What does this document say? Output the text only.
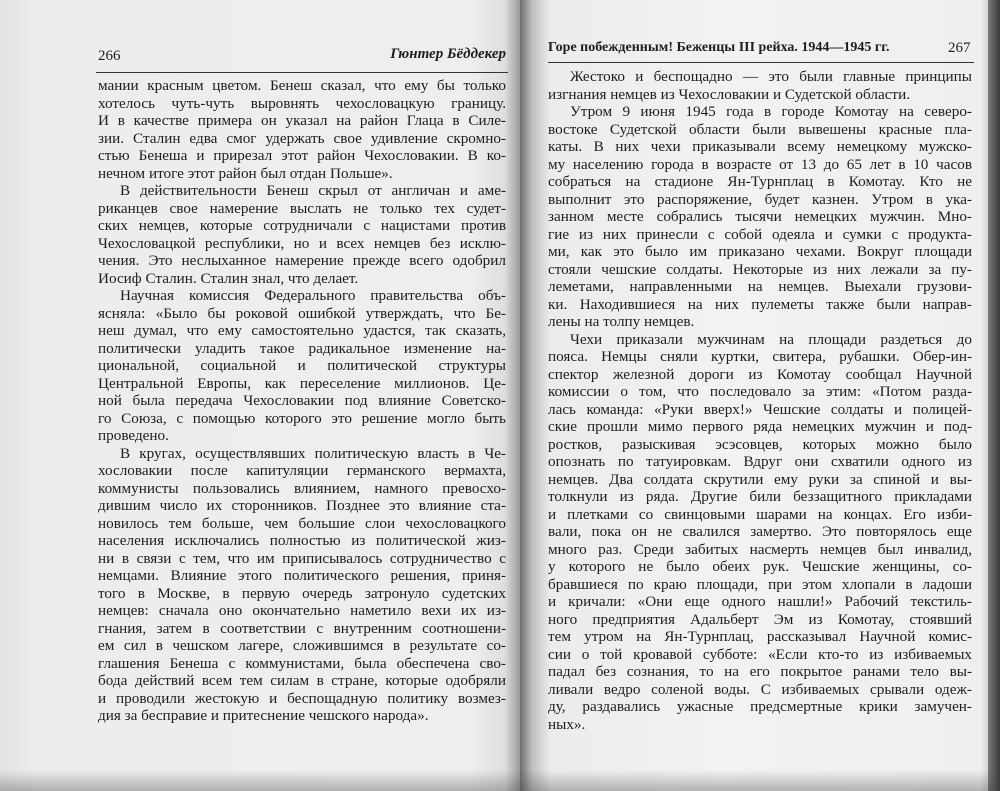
266	Гюнтер Бёддекер
мании красным цветом. Бенеш сказал, что ему бы только
хотелось чуть-чуть выровнять чехословацкую границу.
И в качестве примера он указал на район Глаца в Силе-
зии. Сталин едва смог удержать свое удивление скромно-
стью Бенеша и прирезал этот район Чехословакии. В ко-
нечном итоге этот район был отдан Польше».
В действительности Бенеш скрыл от англичан и аме-
риканцев свое намерение выслать не только тех судет-
ских немцев, которые сотрудничали с нацистами против
Чехословацкой республики, но и всех немцев без исклю-
чения. Это неслыханное намерение прежде всего одобрил
Иосиф Сталин. Сталин знал, что делает.
Научная комиссия Федерального правительства объ-
ясняла: «Было бы роковой ошибкой утверждать, что Бе-
неш думал, что ему самостоятельно удастся, так сказать,
политически уладить такое радикальное изменение на-
циональной, социальной и политической структуры
Центральной Европы, как переселение миллионов. Це-
ной была передача Чехословакии под влияние Советско-
го Союза, с помощью которого это решение могло быть
проведено.
В кругах, осуществлявших политическую власть в Че-
хословакии после капитуляции германского вермахта,
коммунисты пользовались влиянием, намного превосхо-
дившим число их сторонников. Позднее это влияние ста-
новилось тем больше, чем большие слои чехословацкого
населения исключались полностью из политической жиз-
ни в связи с тем, что им приписывалось сотрудничество с
немцами. Влияние этого политического решения, приня-
того в Москве, в первую очередь затронуло судетских
немцев: сначала оно окончательно наметило вехи их из-
гнания, затем в соответствии с внутренним соотношени-
ем сил в чешском лагере, сложившимся в результате со-
глашения Бенеша с коммунистами, была обеспечена сво-
бода действий всем тем силам в стране, которые одобряли
и проводили жестокую и беспощадную политику возмез-
дия за бесправие и притеснение чешского народа».
Горе побежденным! Беженцы III рейха. 1944—1945 гг.	267
Жестоко и беспощадно — это были главные принципы
изгнания немцев из Чехословакии и Судетской области.
Утром 9 июня 1945 года в городе Комотау на северо-
востоке Судетской области были вывешены красные пла-
каты. В них чехи приказывали всему немецкому мужско-
му населению города в возрасте от 13 до 65 лет в 10 часов
собраться на стадионе Ян-Турнплац в Комотау. Кто не
выполнит это распоряжение, будет казнен. Утром в ука-
занном месте собрались тысячи немецких мужчин. Мно-
гие из них принесли с собой одеяла и сумки с продукта-
ми, как это было им приказано чехами. Вокруг площади
стояли чешские солдаты. Некоторые из них лежали за пу-
леметами, направленными на немцев. Выехали грузови-
ки. Находившиеся на них пулеметы также были направ-
лены на толпу немцев.
Чехи приказали мужчинам на площади раздеться до
пояса. Немцы сняли куртки, свитера, рубашки. Обер-ин-
спектор железной дороги из Комотау сообщал Научной
комиссии о том, что последовало за этим: «Потом разда-
лась команда: «Руки вверх!» Чешские солдаты и полицей-
ские прошли мимо первого ряда немецких мужчин и под-
ростков, разыскивая эсэсовцев, которых можно было
опознать по татуировкам. Вдруг они схватили одного из
немцев. Два солдата скрутили ему руки за спиной и вы-
толкнули из ряда. Другие били беззащитного прикладами
и плетками со свинцовыми шарами на концах. Его изби-
вали, пока он не свалился замертво. Это повторялось еще
много раз. Среди забитых насмерть немцев был инвалид,
у которого не было обеих рук. Чешские женщины, со-
бравшиеся по краю площади, при этом хлопали в ладоши
и кричали: «Они еще одного нашли!» Рабочий текстиль-
ного предприятия Адальберт Эм из Комотау, стоявший
тем утром на Ян-Турнплац, рассказывал Научной комис-
сии о той кровавой субботе: «Если кто-то из избиваемых
падал без сознания, то на его покрытое ранами тело вы-
ливали ведро соленой воды. С избиваемых срывали одеж-
ду, раздавались ужасные предсмертные крики замучен-
ных».
